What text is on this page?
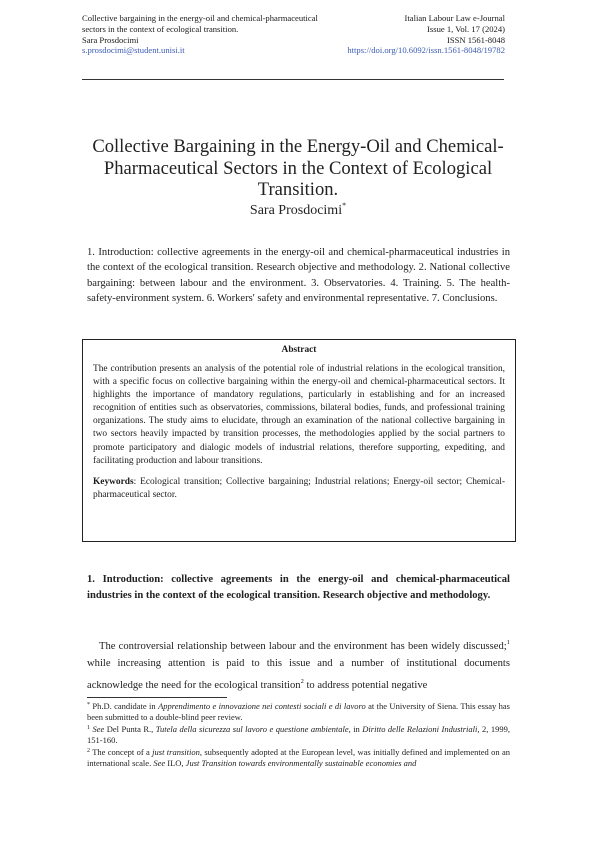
Collective bargaining in the energy-oil and chemical-pharmaceutical
sectors in the context of ecological transition.
Sara Prosdocimi
s.prosdocimi@student.unisi.it
Italian Labour Law e-Journal
Issue 1, Vol. 17 (2024)
ISSN 1561-8048
https://doi.org/10.6092/issn.1561-8048/19782
Collective Bargaining in the Energy-Oil and Chemical-
Pharmaceutical Sectors in the Context of Ecological
Transition.
Sara Prosdocimi*
1. Introduction: collective agreements in the energy-oil and chemical-pharmaceutical industries in the context of the ecological transition. Research objective and methodology. 2. National collective bargaining: between labour and the environment. 3. Observatories. 4. Training. 5. The health-safety-environment system. 6. Workers' safety and environmental representative. 7. Conclusions.
Abstract
The contribution presents an analysis of the potential role of industrial relations in the ecological transition, with a specific focus on collective bargaining within the energy-oil and chemical-pharmaceutical sectors. It highlights the importance of mandatory regulations, particularly in establishing and for an increased recognition of entities such as observatories, commissions, bilateral bodies, funds, and professional training organizations. The study aims to elucidate, through an examination of the national collective bargaining in two sectors heavily impacted by transition processes, the methodologies applied by the social partners to promote participatory and dialogic models of industrial relations, therefore supporting, expediting, and facilitating production and labour transitions.
Keywords: Ecological transition; Collective bargaining; Industrial relations; Energy-oil sector; Chemical-pharmaceutical sector.
1. Introduction: collective agreements in the energy-oil and chemical-pharmaceutical industries in the context of the ecological transition. Research objective and methodology.
The controversial relationship between labour and the environment has been widely discussed;$^1$ while increasing attention is paid to this issue and a number of institutional documents acknowledge the need for the ecological transition$^2$ to address potential negative

* Ph.D. candidate in Apprendimento e innovazione nei contesti sociali e di lavoro at the University of Siena. This essay has been submitted to a double-blind peer review.

$^1$ See Del Punta R., Tutela della sicurezza sul lavoro e questione ambientale, in Diritto delle Relazioni Industriali, 2, 1999, 151-160.

$^2$ The concept of a just transition, subsequently adopted at the European level, was initially defined and implemented on an international scale. See ILO, Just Transition towards environmentally sustainable economies and
